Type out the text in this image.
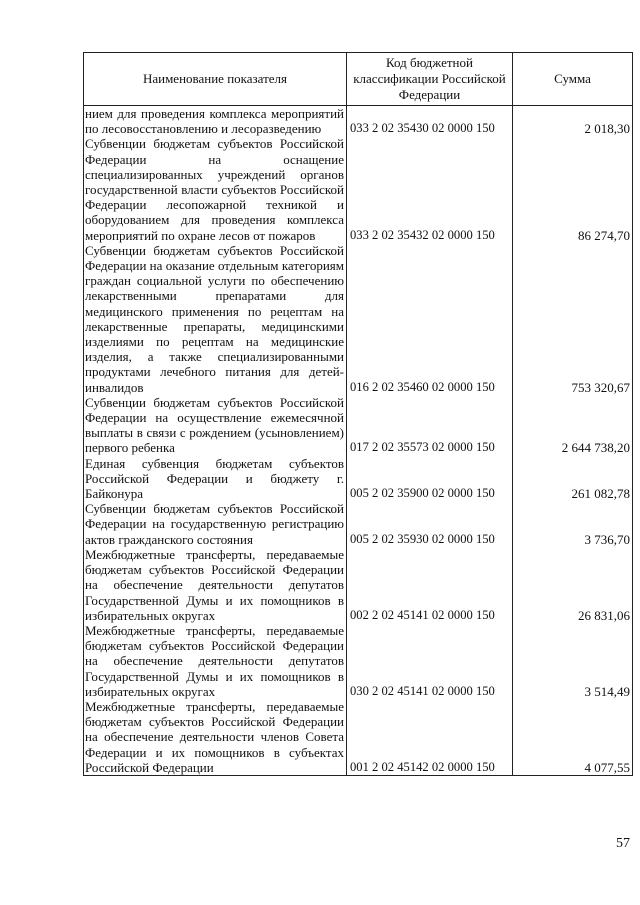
Наименование показателя	Код бюджетной классификации Российской Федерации	Сумма
нием для проведения комплекса мероприятий по лесовосстановлению и лесоразведению	033 2 02 35430 02 0000 150	2 018,30
Субвенции бюджетам субъектов Российской Федерации на оснащение специализированных учреждений органов государственной власти субъектов Российской Федерации лесопожарной техникой и оборудованием для проведения комплекса мероприятий по охране лесов от пожаров	033 2 02 35432 02 0000 150	86 274,70
Субвенции бюджетам субъектов Российской Федерации на оказание отдельным категориям граждан социальной услуги по обеспечению лекарственными препаратами для медицинского применения по рецептам на лекарственные препараты, медицинскими изделиями по рецептам на медицинские изделия, а также специализированными продуктами лечебного питания для детей-инвалидов	016 2 02 35460 02 0000 150	753 320,67
Субвенции бюджетам субъектов Российской Федерации на осуществление ежемесячной выплаты в связи с рождением (усыновлением) первого ребенка	017 2 02 35573 02 0000 150	2 644 738,20
Единая субвенция бюджетам субъектов Российской Федерации и бюджету г. Байконура	005 2 02 35900 02 0000 150	261 082,78
Субвенции бюджетам субъектов Российской Федерации на государственную регистрацию актов гражданского состояния	005 2 02 35930 02 0000 150	3 736,70
Межбюджетные трансферты, передаваемые бюджетам субъектов Российской Федерации на обеспечение деятельности депутатов Государственной Думы и их помощников в избирательных округах	002 2 02 45141 02 0000 150	26 831,06
Межбюджетные трансферты, передаваемые бюджетам субъектов Российской Федерации на обеспечение деятельности депутатов Государственной Думы и их помощников в избирательных округах	030 2 02 45141 02 0000 150	3 514,49
Межбюджетные трансферты, передаваемые бюджетам субъектов Российской Федерации на обеспечение деятельности членов Совета Федерации и их помощников в субъектах Российской Федерации	001 2 02 45142 02 0000 150	4 077,55
57
